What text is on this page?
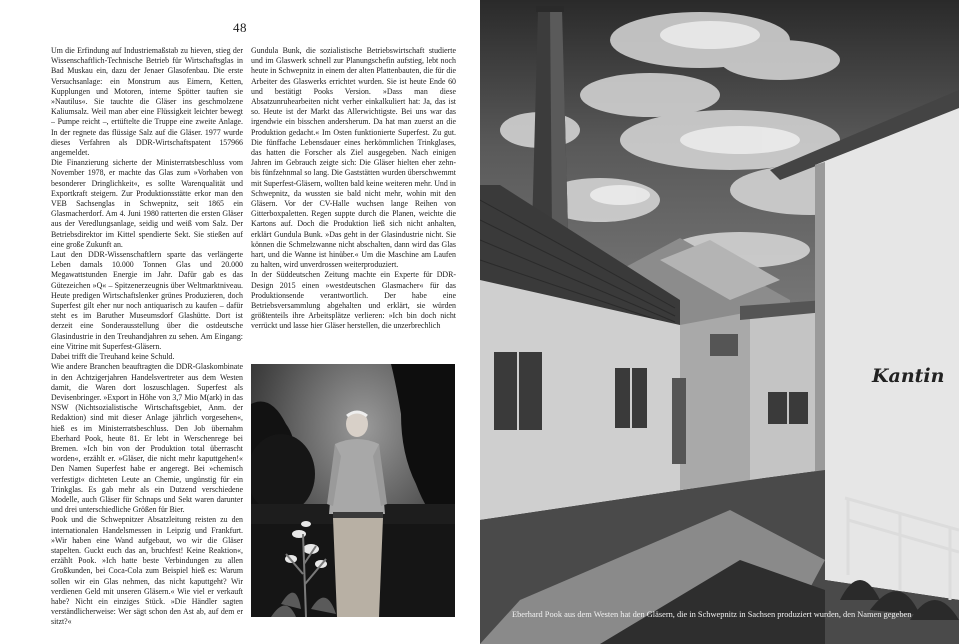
48

Um die Erfindung auf Industriemaßstab zu hieven, stieg der Wissenschaftlich-Technische Betrieb für Wirtschaftsglas in Bad Muskau ein, dazu der Jenaer Glasofenbau. Die erste Versuchsanlage: ein Monstrum aus Eimern, Ketten, Kupplungen und Motoren, interne Spötter tauften sie »Nautilus«. Sie tauchte die Gläser ins geschmolzene Kaliumsalz. Weil man aber eine Flüssigkeit leichter bewegt – Pumpe reicht –, ertüftelte die Truppe eine zweite Anlage. In der regnete das flüssige Salz auf die Gläser. 1977 wurde dieses Verfahren als DDR-Wirtschaftspatent 157966 angemeldet.

Die Finanzierung sicherte der Ministerratsbeschluss vom November 1978, er machte das Glas zum »Vorhaben von besonderer Dringlichkeit«, es sollte Warenqualität und Exportkraft steigern. Zur Produktionsstätte erkor man den VEB Sachsenglas in Schwepnitz, seit 1865 ein Glasmacherdorf. Am 4. Juni 1980 ratterten die ersten Gläser aus der Veredlungsanlage, seidig und weiß vom Salz. Der Betriebsdirektor im Kittel spendierte Sekt. Sie stießen auf eine große Zukunft an.

Laut den DDR-Wissenschaftlern sparte das verlängerte Leben damals 10.000 Tonnen Glas und 20.000 Megawattstunden Energie im Jahr. Dafür gab es das Gütezeichen »Q« – Spitzenerzeugnis über Weltmarktniveau. Heute predigen Wirtschaftslenker grünes Produzieren, doch Superfest gilt eher nur noch antiquarisch zu kaufen – dafür steht es im Baruther Museumsdorf Glashütte. Dort ist derzeit eine Sonderausstellung über die ostdeutsche Glasindustrie in den Treuhandjahren zu sehen. Am Eingang: eine Vitrine mit Superfest-Gläsern.

Dabei trifft die Treuhand keine Schuld.

Wie andere Branchen beauftragten die DDR-Glaskombinate in den Achtzigerjahren Handelsvertreter aus dem Westen damit, die Waren dort loszuschlagen. Superfest als Devisenbringer. »Export in Höhe von 3,7 Mio M(ark) in das NSW (Nichtsozialistische Wirtschaftsgebiet, Anm. der Redaktion) sind mit dieser Anlage jährlich vorgesehen«, hieß es im Ministerratsbeschluss. Den Job übernahm Eberhard Pook, heute 81. Er lebt in Werschenrege bei Bremen. »Ich bin von der Produktion total überrascht worden«, erzählt er. »Gläser, die nicht mehr kaputtgehen!« Den Namen Superfest habe er angeregt. Bei »chemisch verfestigt« dichteten Leute an Chemie, ungünstig für ein Trinkglas. Es gab mehr als ein Dutzend verschiedene Modelle, auch Gläser für Schnaps und Sekt waren darunter und drei unterschiedliche Größen für Bier.

Pook und die Schwepnitzer Absatzleitung reisten zu den internationalen Handelsmessen in Leipzig und Frankfurt. »Wir haben eine Wand aufgebaut, wo wir die Gläser stapelten. Guckt euch das an, bruchfest! Keine Reaktion«, erzählt Pook. »Ich hatte beste Verbindungen zu allen Großkunden, bei Coca-Cola zum Beispiel hieß es: Warum sollen wir ein Glas nehmen, das nicht kaputtgeht? Wir verdienen Geld mit unseren Gläsern.« Wie viel er verkauft habe? Nicht ein einziges Stück. »Die Händler sagten verständlicherweise: Wer sägt schon den Ast ab, auf dem er sitzt?«

Gundula Bunk, die sozialistische Betriebswirtschaft studierte und im Glaswerk schnell zur Planungschefin aufstieg, lebt noch heute in Schwepnitz in einem der alten Plattenbauten, die für die Arbeiter des Glaswerks errichtet wurden. Sie ist heute Ende 60 und bestätigt Pooks Version. »Dass man diese Absatzunruhearbeiten nicht verher einkalkuliert hat: Ja, das ist so. Heute ist der Markt das Allerwichtigste. Bei uns war das irgendwie ein bisschen andersherum. Da hat man zuerst an die Produktion gedacht.« Im Osten funktionierte Superfest. Zu gut. Die fünffache Lebensdauer eines herkömmlichen Trinkglases, das hatten die Forscher als Ziel ausgegeben. Nach einigen Jahren im Gebrauch zeigte sich: Die Gläser hielten eher zehn- bis fünfzehnmal so lang. Die Gaststätten wurden überschwemmt mit Superfest-Gläsern, wollten bald keine weiteren mehr. Und in Schwepnitz, da wussten sie bald nicht mehr, wohin mit den Gläsern. Vor der CV-Halle wuchsen lange Reihen von Gitterboxpaletten. Regen suppte durch die Planen, weichte die Kartons auf. Doch die Produktion ließ sich nicht anhalten, erklärt Gundula Bunk. »Das geht in der Glasindustrie nicht. Sie können die Schmelzwanne nicht abschalten, dann wird das Glas hart, und die Wanne ist hinüber.« Um die Maschine am Laufen zu halten, wird unverdrossen weiterproduziert.

In der Süddeutschen Zeitung machte ein Experte für DDR-Design 2015 einen »westdeutschen Glasmacher« für das Produktionsende verantwortlich. Der habe eine Betriebsversammlung abgehalten und erklärt, sie würden größtenteils ihre Arbeitsplätze verlieren: »Ich bin doch nicht verrückt und lasse hier Gläser herstellen, die unzerbrechlich

Kantin
Eberhard Pook aus dem Westen hat den Gläsern, die in Schwepnitz in Sachsen produziert wurden, den Namen gegeben
